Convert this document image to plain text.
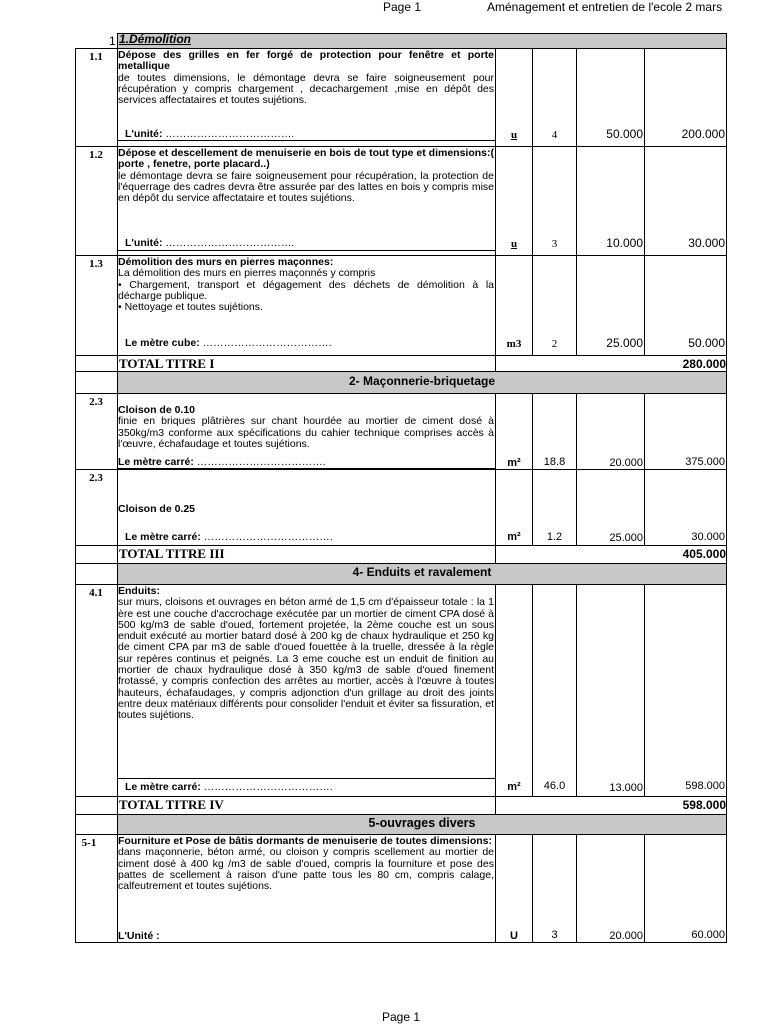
Page 1	Aménagement et entretien de l'ecole 2 mars
1 1.Démolition
1.1	Dépose des grilles en fer forgé de protection pour fenêtre et porte metallique
de toutes dimensions, le démontage devra se faire soigneusement pour récupération y compris chargement , decachargement ,mise en dépôt des services affectataires et toutes sujétions.
L'unité: ……………………………….	u	4	50.000	200.000
1.2	Dépose et descellement de menuiserie en bois de tout type et dimensions:( porte , fenetre, porte placard..)
le démontage devra se faire soigneusement pour récupération, la protection de l'équerrage des cadres devra être assurée par des lattes en bois y compris mise en dépôt du service affectataire et toutes sujétions.
L'unité: ……………………………….	u	3	10.000	30.000
1.3	Démolition des murs en pierres maçonnes:
La démolition des murs en pierres maçonnés y compris
• Chargement, transport et dégagement des déchets de démolition à la décharge publique.
• Nettoyage et toutes sujétions.
Le mètre cube: ……………………………….	m3	2	25.000	50.000
TOTAL TITRE I	280.000
2- Maçonnerie-briquetage
2.3
Cloison de 0.10
finie en briques plâtrières sur chant hourdée au mortier de ciment dosé à 350kg/m3 conforme aux spécifications du cahier technique comprises accès à l'œuvre, échafaudage et toutes sujétions.
Le mètre carré: ……………………………….	m²	18.8	20.000	375.000
2.3
Cloison de 0.25
Le mètre carré: ……………………………….	m²	1.2	25.000	30.000
TOTAL TITRE III	405.000
4- Enduits et ravalement
4.1	Enduits:
sur murs, cloisons et ouvrages en béton armé de 1,5 cm d'épaisseur totale : la 1 ère est une couche d'accrochage exécutée par un mortier de ciment CPA dosé à 500 kg/m3 de sable d'oued, fortement projetée, la 2ème couche est un sous enduit exécuté au mortier batard dosé à 200 kg de chaux hydraulique et 250 kg de ciment CPA par m3 de sable d'oued fouettée à la truelle, dressée à la règle sur repères continus et peignés. La 3 eme couche est un enduit de finition au mortier de chaux hydraulique dosé à 350 kg/m3 de sable d'oued finement frotassé, y compris confection des arrêtes au mortier, accès à l'œuvre à toutes hauteurs, échafaudages, y compris adjonction d'un grillage au droit des joints entre deux matériaux différents pour consolider l'enduit et éviter sa fissuration, et toutes sujétions.
Le mètre carré: ……………………………….	m²	46.0	13.000	598.000
TOTAL TITRE IV	598.000
5-ouvrages divers
5-1	Fourniture et Pose de bâtis dormants de menuiserie de toutes dimensions:
dans maçonnerie, béton armé, ou cloison y compris scellement au mortier de ciment dosé à 400 kg /m3 de sable d'oued, compris la fourniture et pose des pattes de scellement à raison d'une patte tous les 80 cm, compris calage, calfeutrement et toutes sujétions.
L'Unité :	U	3	20.000	60.000
Page 1
